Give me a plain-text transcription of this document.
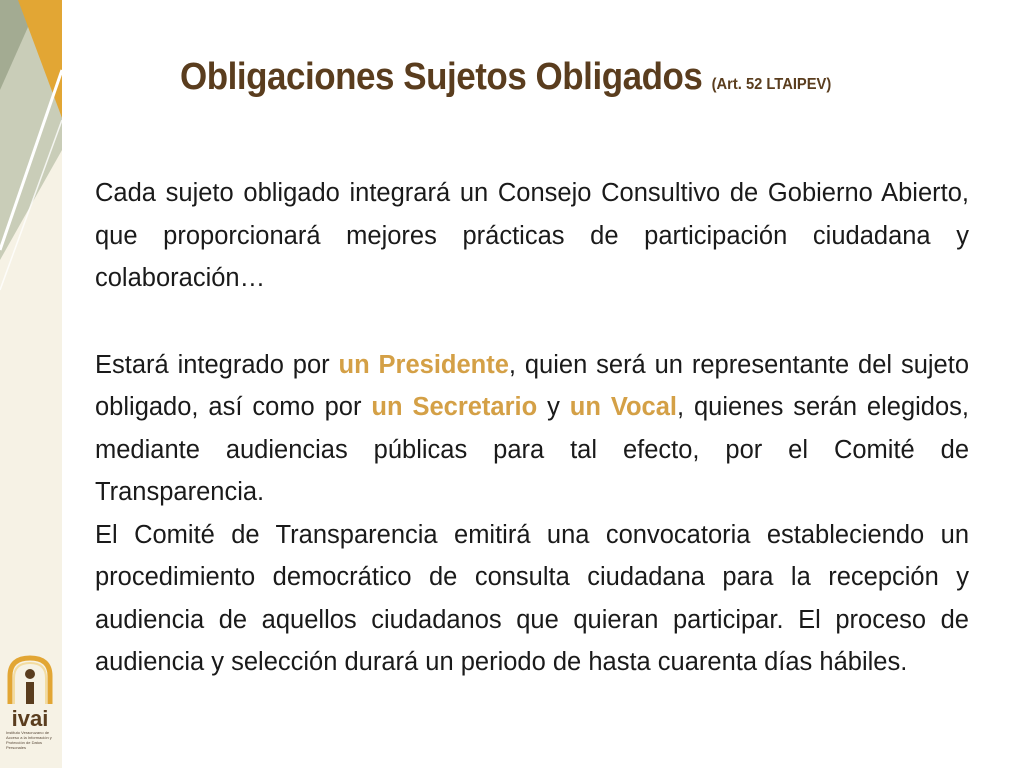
ivai
Instituto Veracruzano de Acceso a la Información y Protección de Datos Personales
Obligaciones Sujetos Obligados (Art. 52 LTAIPEV)

Cada sujeto obligado integrará un Consejo Consultivo de Gobierno Abierto, que proporcionará mejores prácticas de participación ciudadana y colaboración…

Estará integrado por un Presidente, quien será un representante del sujeto obligado, así como por un Secretario y un Vocal, quienes serán elegidos, mediante audiencias públicas para tal efecto, por el Comité de Transparencia.

El Comité de Transparencia emitirá una convocatoria estableciendo un procedimiento democrático de consulta ciudadana para la recepción y audiencia de aquellos ciudadanos que quieran participar. El proceso de audiencia y selección durará un periodo de hasta cuarenta días hábiles.
